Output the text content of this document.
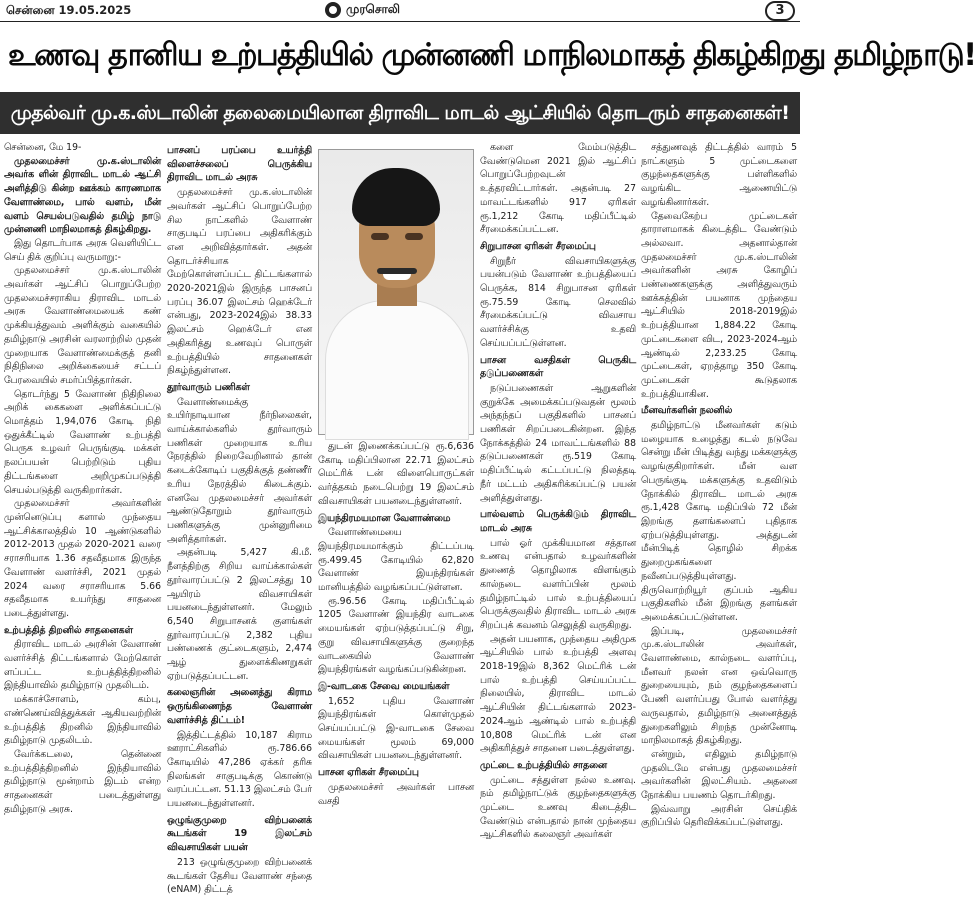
சென்னை 19.05.2025	முரசொலி	3
உணவு தானிய உற்பத்தியில் முன்னணி மாநிலமாகத் திகழ்கிறது தமிழ்நாடு!
முதல்வர் மு.க.ஸ்டாலின் தலைமையிலான திராவிட மாடல் ஆட்சியில் தொடரும் சாதனைகள்!

சென்னை, மே 19-

முதலமைச்சர் மு.க.ஸ்டாலின் அவர்க ளின் திராவிட மாடல் ஆட்சி அளித்திடு கின்ற ஊக்கம் காரணமாக வேளாண்மை, பால் வளம், மீன் வளம் செயல்படுவதில் தமிழ் நாடு முன்னணி மாநிலமாகத் திகழ்கிறது.

இது தொடர்பாக அரசு வெளியிட்ட செய் திக் குறிப்பு வருமாறு:-

முதலமைச்சர் மு.க.ஸ்டாலின் அவர்கள் ஆட்சிப் பொறுப்பேற்ற முதலமைச்சராகிய திராவிட மாடல் அரசு வேளாண்மையைக் கண் முக்கியத்துவம் அளிக்கும் வகையில் தமிழ்நாடு அரசின் வரலாற்றில் முதன் முறையாக வேளாண்மைக்குத் தனி நிதிநிலை அறிக்கையைச் சட்டப் பேரவையில் சமர்ப்பித்தார்கள்.

தொடர்ந்து 5 வேளாண் நிதிநிலை அறிக் கைகளை அளிக்கப்பட்டு மொத்தம் 1,94,076 கோடி நிதி ஒதுக்கீட்டில் வேளாண் உற்பத்தி பெருக உழவர் பெருங்குடி மக்கள் நலப்பயன் பெற்றிடும் புதிய திட்டங்களை அறிமுகப்படுத்தி செயல்படுத்தி வருகிறார்கள்.

முதலமைச்சர் அவர்களின் முன்னெடுப்பு களால் முந்தைய ஆட்சிக்காலத்தில் 10 ஆண்டுகளில் 2012-2013 முதல் 2020-2021 வரை சராசரியாக 1.36 சதவீதமாக இருந்த வேளாண் வளர்ச்சி, 2021 முதல் 2024 வரை சராசரியாக 5.66 சதவீதமாக உயர்ந்து சாதனை படைத்துள்ளது.

உற்பத்தித் திறனில் சாதனைகள்

திராவிட மாடல் அரசின் வேளாண் வளர்ச்சித் திட்டங்களால் மேற்கொள் ளப்பட்ட உற்பத்தித்திறனில் இந்தியாவில் தமிழ்நாடு முதலிடம்.

மக்காச்சோளம், கம்பு, எண்ணெய்வித்துக்கள் ஆகியவற்றின் உற்பத்தித் திறனில் இந்தியாவில் தமிழ்நாடு முதலிடம்.

வேர்க்கடலை, தென்னை உற்பத்தித்திறனில் இந்தியாவில் தமிழ்நாடு மூன்றாம் இடம் என்ற சாதனைகள் படைத்துள்ளது தமிழ்நாடு அரசு.

பாசனப் பரப்பை உயர்த்தி விளைச்சலைப் பெருக்கிய திராவிட மாடல் அரசு

முதலமைச்சர் மு.க.ஸ்டாலின் அவர்கள் ஆட்சிப் பொறுப்பேற்ற சில நாட்களில் வேளாண் சாகுபடிப் பரப்பை அதிகரிக்கும் என அறிவித்தார்கள். அதன் தொடர்ச்சியாக மேற்கொள்ளப்பட்ட திட்டங்களால் 2020-2021இல் இருந்த பாசனப் பரப்பு 36.07 இலட்சம் ஹெக்டேர் என்பது, 2023-2024இல் 38.33 இலட்சம் ஹெக்டேர் என அதிகரித்து உணவுப் பொருள் உற்பத்தியில் சாதனைகள் நிகழ்ந்துள்ளன.

தூர்வாரும் பணிகள்

வேளாண்மைக்கு உயிர்நாடியான நீர்நிலைகள், வாய்க்கால்களில் தூர்வாரும் பணிகள் முறையாக உரிய நேரத்தில் நிறைவேறினால் தான் கடைக்கோடிப் பகுதிக்குத் தண்ணீர் உரிய நேரத்தில் கிடைக்கும். எனவே முதலமைச்சர் அவர்கள் ஆண்டுதோறும் தூர்வாரும் பணிகளுக்கு முன்னுரிமை அளித்தார்கள்.

அதன்படி 5,427 கி.மீ. நீளத்திற்கு சிறிய வாய்க்கால்கள் தூர்வாரப்பட்டு 2 இலட்சத்து 10 ஆயிரம் விவசாயிகள் பயனடைந்துள்ளனர். மேலும் 6,540 சிறுபாசனக் குளங்கள் தூர்வாரப்பட்டு 2,382 புதிய பண்ணைக் குட்டைகளும், 2,474 ஆழ் துளைக்கிணறுகள் ஏற்படுத்தப்பட்டன.

கலைஞரின் அனைத்து கிராம ஒருங்கிணைந்த வேளாண் வளர்ச்சித் திட்டம்!

இத்திட்டத்தில் 10,187 கிராம ஊராட்சிகளில் ரூ.786.66 கோடியில் 47,286 ஏக்கர் தரிசு நிலங்கள் சாகுபடிக்கு கொண்டு வரப்பட்டன. 51.13 இலட்சம் பேர் பயனடைந்துள்ளனர்.

ஒழுங்குமுறை விற்பனைக் கூடங்கள் 19 இலட்சம் விவசாயிகள் பயன்

213 ஒழுங்குமுறை விற்பனைக் கூடங்கள் தேசிய வேளாண் சந்தை (eNAM) திட்டத்

துடன் இணைக்கப்பட்டு ரூ.6,636 கோடி மதிப்பிலான 22.71 இலட்சம் மெட்ரிக் டன் விளைபொருட்கள் வர்த்தகம் நடைபெற்று 19 இலட்சம் விவசாயிகள் பயனடைந்துள்ளனர்.

இயந்திரமயமான வேளாண்மை

வேளாண்மையை இயந்திரமயமாக்கும் திட்டப்படி ரூ.499.45 கோடியில் 62,820 வேளாண் இயந்திரங்கள் மானியத்தில் வழங்கப்பட்டுள்ளன.

ரூ.96.56 கோடி மதிப்பீட்டில் 1205 வேளாண் இயந்திர வாடகை மையங்கள் ஏற்படுத்தப்பட்டு சிறு, குறு விவசாயிகளுக்கு குறைந்த வாடகையில் வேளாண் இயந்திரங்கள் வழங்கப்படுகின்றன.

இ-வாடகை சேவை மையங்கள்

1,652 புதிய வேளாண் இயந்திரங்கள் கொள்முதல் செய்யப்பட்டு இ-வாடகை சேவை மையங்கள் மூலம் 69,000 விவசாயிகள் பயனடைந்துள்ளனர்.

பாசன ஏரிகள் சீரமைப்பு

முதலமைச்சர் அவர்கள் பாசன வசதி

களை மேம்படுத்திட வேண்டுமென 2021 இல் ஆட்சிப் பொறுப்பேற்றவுடன் உத்தரவிட்டார்கள். அதன்படி 27 மாவட்டங்களில் 917 ஏரிகள் ரூ.1,212 கோடி மதிப்பீட்டில் சீரமைக்கப்பட்டன.

சிறுபாசன ஏரிகள் சீரமைப்பு

சிறுநீர் விவசாயிகளுக்கு பயன்படும் வேளாண் உற்பத்தியைப் பெருக்க, 814 சிறுபாசன ஏரிகள் ரூ.75.59 கோடி செலவில் சீரமைக்கப்பட்டு விவசாய வளர்ச்சிக்கு உதவி செய்யப்பட்டுள்ளன.

பாசன வசதிகள் பெருகிட தடுப்பணைகள்

நடுப்பணைகள் ஆறுகளின் குறுக்கே அமைக்கப்படுவதன் மூலம் அந்தந்தப் பகுதிகளில் பாசனப் பணிகள் சிறப்படைகின்றன. இந்த நோக்கத்தில் 24 மாவட்டங்களில் 88 தடுப்பணைகள் ரூ.519 கோடி மதிப்பீட்டில் கட்டப்பட்டு நிலத்தடி நீர் மட்டம் அதிகரிக்கப்பட்டு பயன் அளித்துள்ளது.

பால்வளம் பெருக்கிடும் திராவிட மாடல் அரசு

பால் ஓர் முக்கியமான சத்தான உணவு என்பதால் உழவர்களின் துணைத் தொழிலாக விளங்கும் கால்நடை வளர்ப்பின் மூலம் தமிழ்நாட்டில் பால் உற்பத்தியைப் பெருக்குவதில் திராவிட மாடல் அரசு சிறப்புக் கவனம் செலுத்தி வருகிறது.

அதன் பயனாக, முந்தைய அதிமுக ஆட்சியில் பால் உற்பத்தி அளவு 2018-19இல் 8,362 மெட்ரிக் டன் பால் உற்பத்தி செய்யப்பட்ட நிலையில், திராவிட மாடல் ஆட்சியின் திட்டங்களால் 2023-2024ஆம் ஆண்டில் பால் உற்பத்தி 10,808 மெட்ரிக் டன் என அதிகரித்துச் சாதனை படைத்துள்ளது.

முட்டை உற்பத்தியில் சாதனை

முட்டை சத்துள்ள நல்ல உணவு. நம் தமிழ்நாட்டுக் குழந்தைகளுக்கு முட்டை உணவு கிடைத்திட வேண்டும் என்பதால் நான் முந்தைய ஆட்சிகளில் கலைஞர் அவர்கள்

சத்துணவுத் திட்டத்தில் வாரம் 5 நாட்களும் 5 முட்டைகளை குழந்தைகளுக்கு பள்ளிகளில் வழங்கிட ஆணையிட்டு வழங்கினார்கள்.

தேவைகேற்ப முட்டைகள் தாராளமாகக் கிடைத்திட வேண்டும் அல்லவா. அதனால்தான் முதலமைச்சர் மு.க.ஸ்டாலின் அவர்களின் அரசு கோழிப் பண்ணைகளுக்கு அளித்துவரும் ஊக்கத்தின் பயனாக முந்தைய ஆட்சியில் 2018-2019இல் உற்பத்தியான 1,884.22 கோடி முட்டைகளை விட, 2023-2024ஆம் ஆண்டில் 2,233.25 கோடி முட்டைகள், ஏறத்தாழ 350 கோடி முட்டைகள் கூடுதலாக உற்பத்தியாகின.

மீனவர்களின் நலனில்

தமிழ்நாட்டு மீனவர்கள் கடும் மழையாக உழைத்து கடல் நடுவே சென்று மீன் பிடித்து வந்து மக்களுக்கு வழங்குகிறார்கள். மீன் வள பெருங்குடி மக்களுக்கு உதவிடும் நோக்கில் திராவிட மாடல் அரசு ரூ.1,428 கோடி மதிப்பில் 72 மீன் இறங்கு தளங்களைப் புதிதாக ஏற்படுத்தியுள்ளது. அத்துடன் மீன்பிடித் தொழில் சிறக்க துறைமுகங்களை நவீனப்படுத்தியுள்ளது. திருவொற்றியூர் குப்பம் ஆகிய பகுதிகளில் மீன் இறங்கு தளங்கள் அமைக்கப்பட்டுள்ளன.

இப்படி, முதலமைச்சர் மு.க.ஸ்டாலின் அவர்கள், வேளாண்மை, கால்நடை வளர்ப்பு, மீனவர் நலன் என ஒவ்வொரு துறையையும், நம் குழந்தைகளைப் பேணி வளர்ப்பது போல் வளர்த்து வருவதால், தமிழ்நாடு அனைத்துத் துறைகளிலும் சிறந்த முன்னோடி மாநிலமாகத் திகழ்கிறது.

என்றும், எதிலும் தமிழ்நாடு முதலிடமே என்பது முதலமைச்சர் அவர்களின் இலட்சியம். அதனை நோக்கிய பயணம் தொடர்கிறது.

இவ்வாறு அரசின் செய்திக் குறிப்பில் தெரிவிக்கப்பட்டுள்ளது.
